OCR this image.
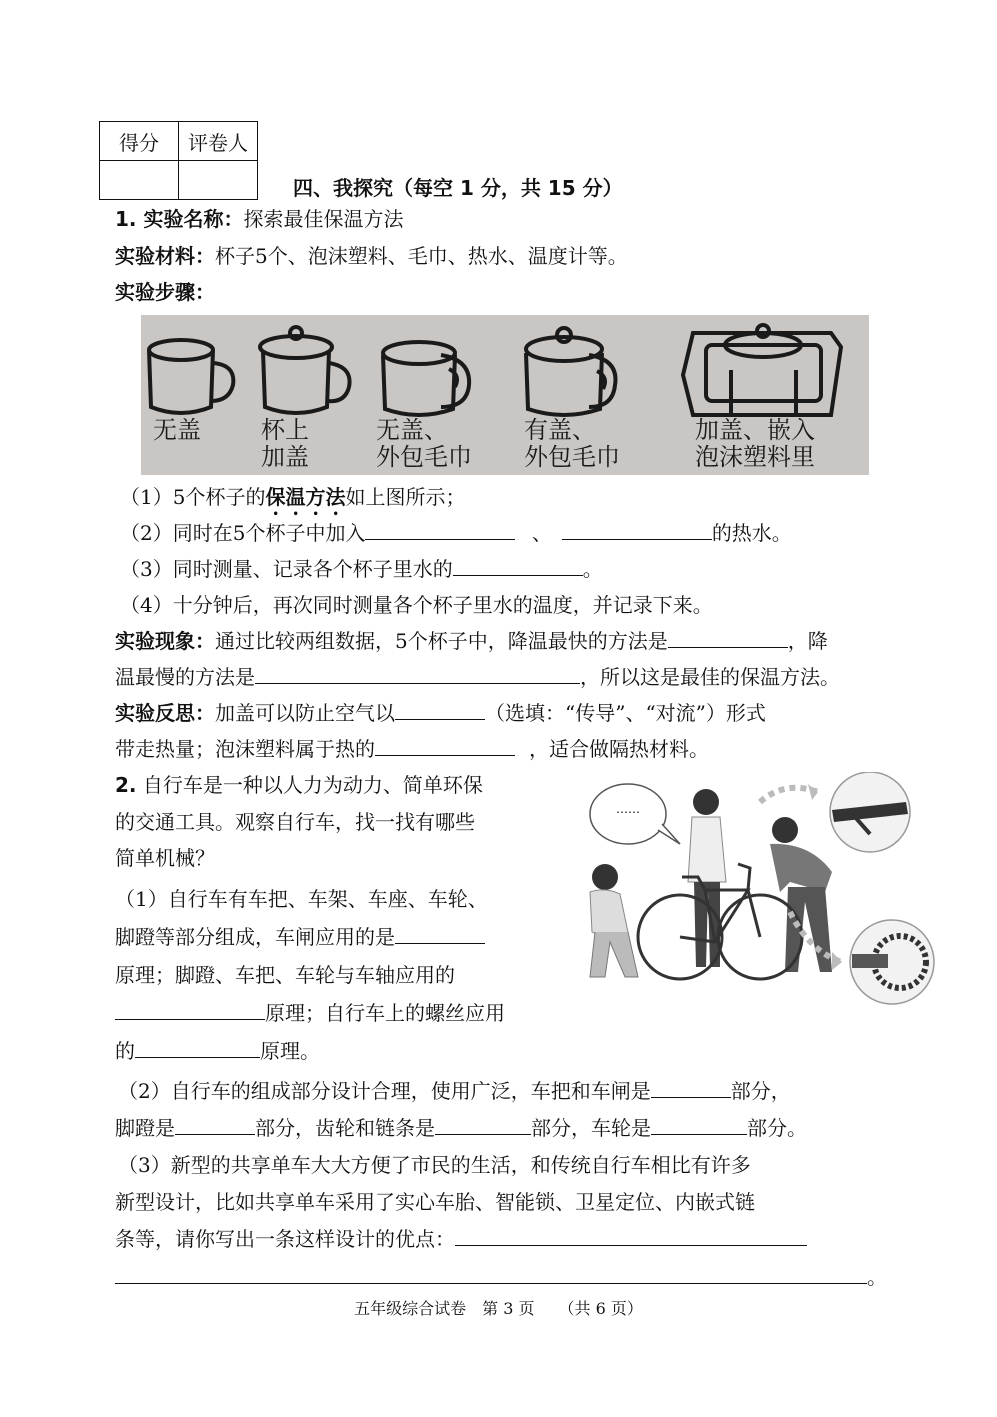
得分	评卷人

四、我探究（每空 1 分，共 15 分）
1. 实验名称：探索最佳保温方法
实验材料：杯子5个、泡沫塑料、毛巾、热水、温度计等。
实验步骤：
无盖	杯上
加盖
无盖、
外包毛巾
有盖、
外包毛巾
加盖、嵌入
泡沫塑料里
（1）5个杯子的保温方法如上图所示；
（2）同时在5个杯子中加入	、	的热水。
（3）同时测量、记录各个杯子里水的	。
（4）十分钟后，再次同时测量各个杯子里水的温度，并记录下来。
实验现象：通过比较两组数据，5个杯子中，降温最快的方法是	，降
温最慢的方法是	，所以这是最佳的保温方法。
实验反思：加盖可以防止空气以	（选填：“传导”、“对流”）形式
带走热量；泡沫塑料属于热的	，适合做隔热材料。
2. 自行车是一种以人力为动力、简单环保
的交通工具。观察自行车，找一找有哪些
简单机械？
（1）自行车有车把、车架、车座、车轮、
脚蹬等部分组成，车闸应用的是
原理；脚蹬、车把、车轮与车轴应用的
原理；自行车上的螺丝应用
的	原理。
……
（2）自行车的组成部分设计合理，使用广泛，车把和车闸是	部分，
脚蹬是	部分，齿轮和链条是	部分，车轮是	部分。
（3）新型的共享单车大大方便了市民的生活，和传统自行车相比有许多
新型设计，比如共享单车采用了实心车胎、智能锁、卫星定位、内嵌式链
条等，请你写出一条这样设计的优点：
。
五年级综合试卷　第 3 页　　（共 6 页）
